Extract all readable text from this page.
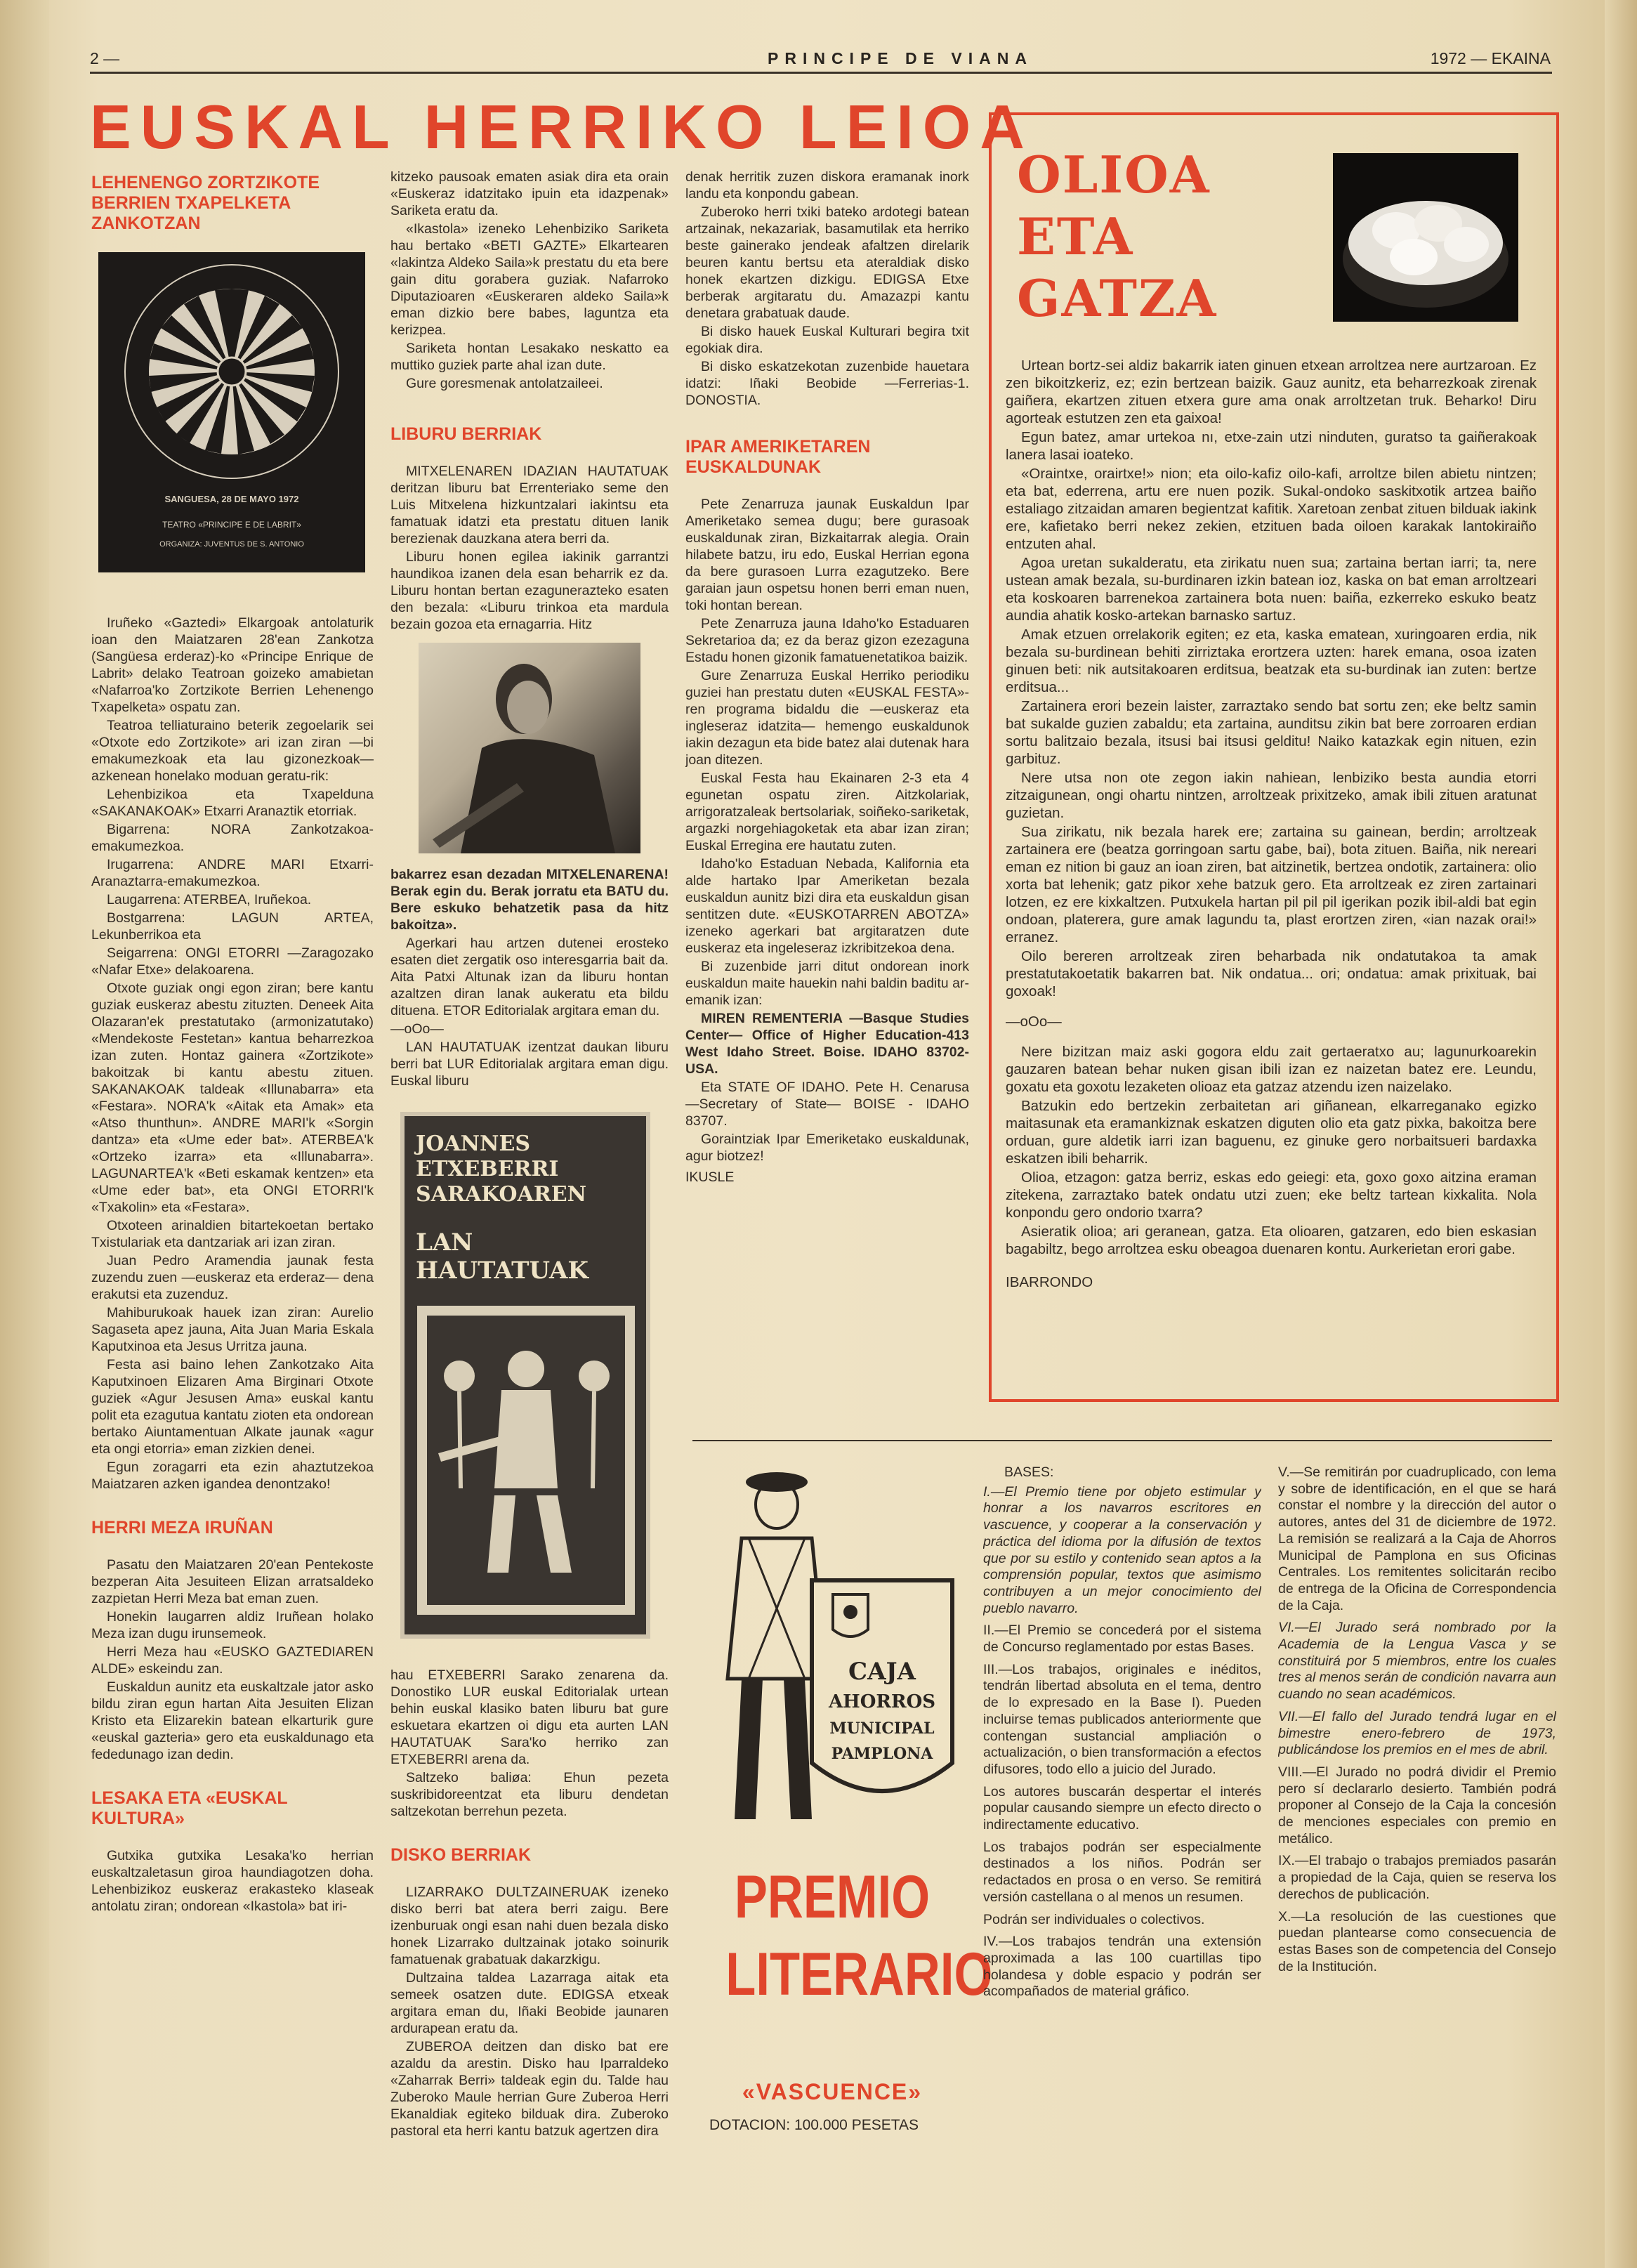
2 —	PRINCIPE DE VIANA	1972 — EKAINA
EUSKAL HERRIKO LEIOA
LEHENENGO ZORTZIKOTE BERRIEN TXAPELKETA ZANKOTZAN
SANGUESA, 28 DE MAYO 1972
TEATRO «PRINCIPE E DE LABRIT»
ORGANIZA: JUVENTUS DE S. ANTONIO

Iruñeko «Gaztedi» Elkargoak antolaturik ioan den Maiatzaren 28'ean Zankotza (Sangüesa erderaz)-ko «Principe Enrique de Labrit» delako Teatroan goizeko amabietan «Nafarroa'ko Zortzikote Berrien Lehenengo Txapelketa» ospatu zan.

Teatroa telliaturaino beterik zegoelarik sei «Otxote edo Zortzikote» ari izan ziran —bi emakumezkoak eta lau gizonezkoak— azkenean honelako moduan geratu-rik:

Lehenbizikoa eta Txapelduna «SAKANAKOAK» Etxarri Aranaztik etorriak.

Bigarrena: NORA Zankotzakoa-emakumezkoa.

Irugarrena: ANDRE MARI Etxarri-Aranaztarra-emakumezkoa.

Laugarrena: ATERBEA, Iruñekoa.

Bostgarrena: LAGUN ARTEA, Lekunberrikoa eta

Seigarrena: ONGI ETORRI —Zaragozako «Nafar Etxe» delakoarena.

Otxote guziak ongi egon ziran; bere kantu guziak euskeraz abestu zituzten. Deneek Aita Olazaran'ek prestatutako (armonizatutako) «Mendekoste Festetan» kantua beharrezkoa izan zuten. Hontaz gainera «Zortzikote» bakoitzak bi kantu abestu zituen. SAKANAKOAK taldeak «Illunabarra» eta «Festara». NORA'k «Aitak eta Amak» eta «Atso thunthun». ANDRE MARI'k «Sorgin dantza» eta «Ume eder bat». ATERBEA'k «Ortzeko izarra» eta «Illunabarra». LAGUNARTEA'k «Beti eskamak kentzen» eta «Ume eder bat», eta ONGI ETORRI'k «Txakolin» eta «Festara».

Otxoteen arinaldien bitartekoetan bertako Txistulariak eta dantzariak ari izan ziran.

Juan Pedro Aramendia jaunak festa zuzendu zuen —euskeraz eta erderaz— dena erakutsi eta zuzenduz.

Mahiburukoak hauek izan ziran: Aurelio Sagaseta apez jauna, Aita Juan Maria Eskala Kaputxinoa eta Jesus Urritza jauna.

Festa asi baino lehen Zankotzako Aita Kaputxinoen Elizaren Ama Birginari Otxote guziek «Agur Jesusen Ama» euskal kantu polit eta ezagutua kantatu zioten eta ondorean bertako Aiuntamentuan Alkate jaunak «agur eta ongi etorria» eman zizkien denei.

Egun zoragarri eta ezin ahaztutzekoa Maiatzaren azken igandea denontzako!

HERRI MEZA IRUÑAN

Pasatu den Maiatzaren 20'ean Pentekoste bezperan Aita Jesuiteen Elizan arratsaldeko zazpietan Herri Meza bat eman zuen.

Honekin laugarren aldiz Iruñean holako Meza izan dugu irunsemeok.

Herri Meza hau «EUSKO GAZTEDIAREN ALDE» eskeindu zan.

Euskaldun aunitz eta euskaltzale jator asko bildu ziran egun hartan Aita Jesuiten Elizan Kristo eta Elizarekin batean elkarturik gure «euskal gazteria» gero eta euskaldunago eta fededunago izan dedin.

LESAKA ETA «EUSKAL KULTURA»

Gutxika gutxika Lesaka'ko herrian euskaltzaletasun giroa haundiagotzen doha. Lehenbizikoz euskeraz erakasteko klaseak antolatu ziran; ondorean «Ikastola» bat iri-

kitzeko pausoak ematen asiak dira eta orain «Euskeraz idatzitako ipuin eta idazpenak» Sariketa eratu da.

«Ikastola» izeneko Lehenbiziko Sariketa hau bertako «BETI GAZTE» Elkartearen «lakintza Aldeko Saila»k prestatu du eta bere gain ditu gorabera guziak. Nafarroko Diputazioaren «Euskeraren aldeko Saila»k eman dizkio bere babes, laguntza eta kerizpea.

Sariketa hontan Lesakako neskatto ea muttiko guziek parte ahal izan dute.

Gure goresmenak antolatzaileei.

LIBURU BERRIAK

MITXELENAREN IDAZIAN HAUTATUAK deritzan liburu bat Errenteriako seme den Luis Mitxelena hizkuntzalari iakintsu eta famatuak idatzi eta prestatu dituen lanik berezienak dauzkana atera berri da.

Liburu honen egilea iakinik garrantzi haundikoa izanen dela esan beharrik ez da. Liburu hontan bertan ezagunerazteko esaten den bezala: «Liburu trinkoa eta mardula bezain gozoa eta ernagarria. Hitz

bakarrez esan dezadan MITXELENARENA! Berak egin du. Berak jorratu eta BATU du. Bere eskuko behatzetik pasa da hitz bakoitza».

Agerkari hau artzen dutenei erosteko esaten diet zergatik oso interesgarria bait da. Aita Patxi Altunak izan da liburu hontan azaltzen diran lanak aukeratu eta bildu dituena. ETOR Editorialak argitara eman du.

—oOo—

LAN HAUTATUAK izentzat daukan liburu berri bat LUR Editorialak argitara eman digu. Euskal liburu

JOANNES ETXEBERRI SARAKOAREN
LAN HAUTATUAK

hau ETXEBERRI Sarako zenarena da. Donostiko LUR euskal Editorialak urtean behin euskal klasiko baten liburu bat gure eskuetara ekartzen oi digu eta aurten LAN HAUTATUAK Sara'ko herriko zan ETXEBERRI arena da.

Saltzeko baliøa: Ehun pezeta suskribidoreentzat eta liburu dendetan saltzekotan berrehun pezeta.

DISKO BERRIAK

LIZARRAKO DULTZAINERUAK izeneko disko berri bat atera berri zaigu. Bere izenburuak ongi esan nahi duen bezala disko honek Lizarrako dultzainak jotako soinurik famatuenak grabatuak dakarzkigu.

Dultzaina taldea Lazarraga aitak eta semeek osatzen dute. EDIGSA etxeak argitara eman du, Iñaki Beobide jaunaren ardurapean eratu da.

ZUBEROA deitzen dan disko bat ere azaldu da arestin. Disko hau Iparraldeko «Zaharrak Berri» taldeak egin du. Talde hau Zuberoko Maule herrian Gure Zuberoa Herri Ekanaldiak egiteko bilduak dira. Zuberoko pastoral eta herri kantu batzuk agertzen dira

denak herritik zuzen diskora eramanak inork landu eta konpondu gabean.

Zuberoko herri txiki bateko ardotegi batean artzainak, nekazariak, basamutilak eta herriko beste gainerako jendeak afaltzen direlarik beuren kantu bertsu eta ateraldiak disko honek ekartzen dizkigu. EDIGSA Etxe berberak argitaratu du. Amazazpi kantu denetara grabatuak daude.

Bi disko hauek Euskal Kulturari begira txit egokiak dira.

Bi disko eskatzekotan zuzenbide hauetara idatzi: Iñaki Beobide —Ferrerias-1. DONOSTIA.

IPAR AMERIKETAREN EUSKALDUNAK

Pete Zenarruza jaunak Euskaldun Ipar Ameriketako semea dugu; bere gurasoak euskaldunak ziran, Bizkaitarrak alegia. Orain hilabete batzu, iru edo, Euskal Herrian egona da bere gurasoen Lurra ezagutzeko. Bere garaian jaun ospetsu honen berri eman nuen, toki hontan berean.

Pete Zenarruza jauna Idaho'ko Estaduaren Sekretarioa da; ez da beraz gizon ezezaguna Estadu honen gizonik famatuenetatikoa baizik.

Gure Zenarruza Euskal Herriko periodiku guziei han prestatu duten «EUSKAL FESTA»-ren programa bidaldu die —euskeraz eta ingleseraz idatzita— hemengo euskaldunok iakin dezagun eta bide batez alai dutenak hara joan ditezen.

Euskal Festa hau Ekainaren 2-3 eta 4 egunetan ospatu ziren. Aitzkolariak, arrigoratzaleak bertsolariak, soiñeko-sariketak, argazki norgehiagoketak eta abar izan ziran; Euskal Erregina ere hautatu zuten.

Idaho'ko Estaduan Nebada, Kalifornia eta alde hartako Ipar Ameriketan bezala euskaldun aunitz bizi dira eta euskaldun gisan sentitzen dute. «EUSKOTARREN ABOTZA» izeneko agerkari bat argitaratzen dute euskeraz eta ingeleseraz izkribitzekoa dena.

Bi zuzenbide jarri ditut ondorean inork euskaldun maite hauekin nahi baldin baditu ar-emanik izan:

MIREN REMENTERIA —Basque Studies Center— Office of Higher Education-413 West Idaho Street. Boise. IDAHO 83702-USA.

Eta STATE OF IDAHO. Pete H. Cenarusa —Secretary of State— BOISE - IDAHO 83707.

Goraintziak Ipar Emeriketako euskaldunak, agur biotzez!

IKUSLE

OLIOA
ETA
GATZA

Urtean bortz-sei aldiz bakarrik iaten ginuen etxean arroltzea nere aurtzaroan. Ez zen bikoitzkeriz, ez; ezin bertzean baizik. Gauz aunitz, eta beharrezkoak zirenak gaiñera, ekartzen zituen etxera gure ama onak arroltzetan truk. Beharko! Diru agorteak estutzen zen eta gaixoa!

Egun batez, amar urtekoa nı, etxe-zain utzi ninduten, guratso ta gaiñerakoak lanera lasai ioateko.

«Oraintxe, orairtxe!» nion; eta oilo-kafiz oilo-kafi, arroltze bilen abietu nintzen; eta bat, ederrena, artu ere nuen pozik. Sukal-ondoko saskitxotik artzea baiño estaliago zitzaidan amaren begientzat kafitik. Xaretoan zenbat zituen bilduak iakink ere, kafietako berri nekez zekien, etzituen bada oiloen karakak lantokiraiño entzuten ahal.

Agoa uretan sukalderatu, eta zirikatu nuen sua; zartaina bertan iarri; ta, nere ustean amak bezala, su-burdinaren izkin batean ioz, kaska on bat eman arroltzeari eta koskoaren barrenekoa zartainera bota nuen: baiña, ezkerreko eskuko beatz aundia ahatik kosko-artekan barnasko sartuz.

Amak etzuen orrelakorik egiten; ez eta, kaska ematean, xuringoaren erdia, nik bezala su-burdinean behiti zirriztaka erortzera uzten: harek emana, osoa izaten ginuen beti: nik autsitakoaren erditsua, beatzak eta su-burdinak ian zuten: bertze erditsua...

Zartainera erori bezein laister, zarraztako sendo bat sortu zen; eke beltz samin bat sukalde guzien zabaldu; eta zartaina, aunditsu zikin bat bere zorroaren erdian sortu balitzaio bezala, itsusi bai itsusi gelditu! Naiko katazkak egin nituen, ezin garbituz.

Nere utsa non ote zegon iakin nahiean, lenbiziko besta aundia etorri zitzaigunean, ongi ohartu nintzen, arroltzeak prixitzeko, amak ibili zituen aratunat guzietan.

Sua zirikatu, nik bezala harek ere; zartaina su gainean, berdin; arroltzeak zartainera ere (beatza gorringoan sartu gabe, bai), bota zituen. Baiña, nik nereari eman ez nition bi gauz an ioan ziren, bat aitzinetik, bertzea ondotik, zartainera: olio xorta bat lehenik; gatz pikor xehe batzuk gero. Eta arroltzeak ez ziren zartainari lotzen, ez ere kixkaltzen. Putxukela hartan pil pil pil igerikan pozik ibil-aldi bat egin ondoan, platerera, gure amak lagundu ta, plast erortzen ziren, «ian nazak orai!» erranez.

Oilo bereren arroltzeak ziren beharbada nik ondatutakoa ta amak prestatutakoetatik bakarren bat. Nik ondatua... ori; ondatua: amak prixituak, bai goxoak!

—oOo—

Nere bizitzan maiz aski gogora eldu zait gertaeratxo au; lagunurkoarekin gauzaren batean behar nuken gisan ibili izan ez naizetan batez ere. Leundu, goxatu eta goxotu lezaketen olioaz eta gatzaz atzendu izen naizelako.

Batzukin edo bertzekin zerbaitetan ari giñanean, elkarreganako egizko maitasunak eta eramankiznak eskatzen diguten olio eta gatz pixka, bakoitza bere orduan, gure aldetik iarri izan baguenu, ez ginuke gero norbaitsueri bardaxka eskatzen ibili beharrik.

Olioa, etzagon: gatza berriz, eskas edo geiegi: eta, goxo goxo aitzina eraman zitekena, zarraztako batek ondatu utzi zuen; eke beltz tartean kixkalita. Nola konpondu gero ondorio txarra?

Asieratik olioa; ari geranean, gatza. Eta olioaren, gatzaren, edo bien eskasian bagabiltz, bego arroltzea esku obeagoa duenaren kontu. Aurkerietan erori gabe.

IBARRONDO

CAJA
AHORROS
MUNICIPAL
PAMPLONA
PREMIO
LITERARIO
«VASCUENCE»
DOTACION: 100.000 PESETAS

BASES:

I.—El Premio tiene por objeto estimular y honrar a los navarros escritores en vascuence, y cooperar a la conservación y práctica del idioma por la difusión de textos que por su estilo y contenido sean aptos a la comprensión popular, textos que asimismo contribuyen a un mejor conocimiento del pueblo navarro.

II.—El Premio se concederá por el sistema de Concurso reglamentado por estas Bases.

III.—Los trabajos, originales e inéditos, tendrán libertad absoluta en el tema, dentro de lo expresado en la Base I). Pueden incluirse temas publicados anteriormente que contengan sustancial ampliación o actualización, o bien transformación a efectos difusores, todo ello a juicio del Jurado.

Los autores buscarán despertar el interés popular causando siempre un efecto directo o indirectamente educativo.

Los trabajos podrán ser especialmente destinados a los niños. Podrán ser redactados en prosa o en verso. Se remitirá versión castellana o al menos un resumen.

Podrán ser individuales o colectivos.

IV.—Los trabajos tendrán una extensión aproximada a las 100 cuartillas tipo holandesa y doble espacio y podrán ser acompañados de material gráfico.

V.—Se remitirán por cuadruplicado, con lema y sobre de identificación, en el que se hará constar el nombre y la dirección del autor o autores, antes del 31 de diciembre de 1972. La remisión se realizará a la Caja de Ahorros Municipal de Pamplona en sus Oficinas Centrales. Los remitentes solicitarán recibo de entrega de la Oficina de Correspondencia de la Caja.

VI.—El Jurado será nombrado por la Academia de la Lengua Vasca y se constituirá por 5 miembros, entre los cuales tres al menos serán de condición navarra aun cuando no sean académicos.

VII.—El fallo del Jurado tendrá lugar en el bimestre enero-febrero de 1973, publicándose los premios en el mes de abril.

VIII.—El Jurado no podrá dividir el Premio pero sí declararlo desierto. También podrá proponer al Consejo de la Caja la concesión de menciones especiales con premio en metálico.

IX.—El trabajo o trabajos premiados pasarán a propiedad de la Caja, quien se reserva los derechos de publicación.

X.—La resolución de las cuestiones que puedan plantearse como consecuencia de estas Bases son de competencia del Consejo de la Institución.
